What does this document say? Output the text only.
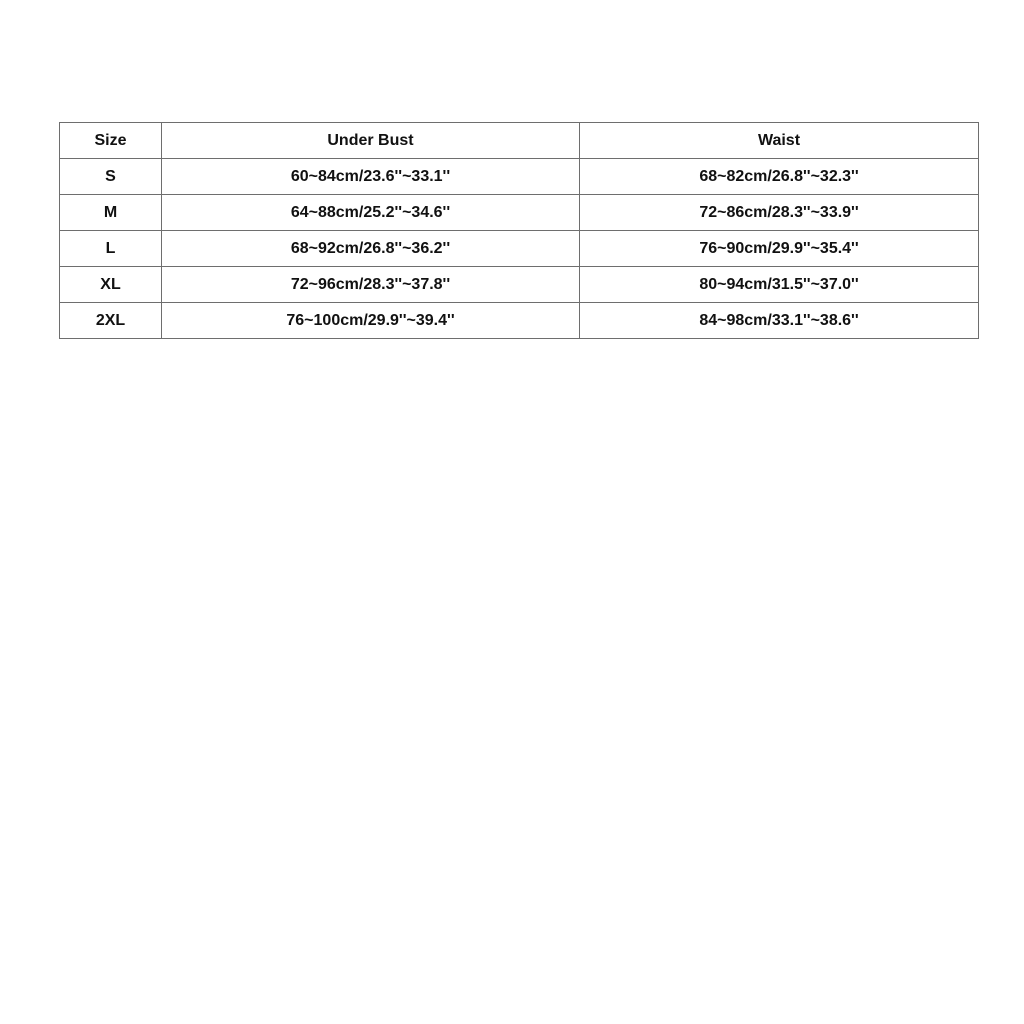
Size	Under Bust	Waist
S	60~84cm/23.6''~33.1''	68~82cm/26.8''~32.3''
M	64~88cm/25.2''~34.6''	72~86cm/28.3''~33.9''
L	68~92cm/26.8''~36.2''	76~90cm/29.9''~35.4''
XL	72~96cm/28.3''~37.8''	80~94cm/31.5''~37.0''
2XL	76~100cm/29.9''~39.4''	84~98cm/33.1''~38.6''
